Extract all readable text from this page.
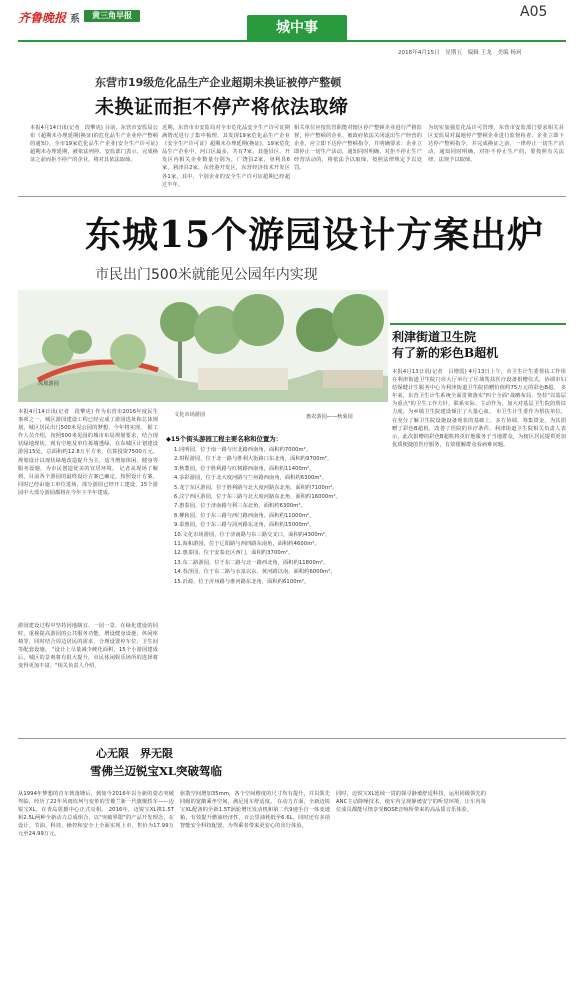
齐鲁晚报 系	黄三角早报
城中事
A05
2016年4月15日　星期五　编辑 王龙　美编 杨珂
东营市19级危化品生产企业超期未换证被停产整顿
未换证而拒不停产将依法取缔
本报4月14日讯(记者　段擎虎) 目前，东营市安监局公布《超期未办理延期(换证)的危化品生产企业停产整顿的通知》，全市19家危化品生产企业(安全生产许可证)超期未办理延期，被依法列停。安监部门表示，完成换证之前而拒不停产的企业，将对其依法取缔。
近期，东营市市安监局对全市危化品安全生产许可证期满情况进行了集中梳理，其发现19家危化品生产企业《安全生产许可证》超期未办理延期(换证)，19家危化品生产企业中，河口区最多，共有7家，其他县区、开发区内相关企业数量分别为，广饶县2家，垦利县6家，利津县2家，东营港开发区，东营经济技术开发区各1家，其中，个别企业的安全生产许可证超期已经超过半年。
相关单位应按监管职能对辖区停产整顿企业进行严格监督，停产整顿的企业、被政府依法关闭退出生产经营的企业，应立即下达停产整顿指令，并明确要求：企业立即停止一切生产活动，通知同时明确，对拒不停止生产经营活动的，将依法予以取缔，按照法律规定予以处罚。
为切实加强危化品许可管理，东营市安监部门要求相关县区安监局对属地停产整顿企业进行监督检查，企业立即下达停产整顿指令，并完成换证之前，一律停止一切生产活动，通知同时明确，对拒不停止生产的，要按照有关法律、法规予以取缔。
东城15个游园设计方案出炉
市民出门500米就能见公园年内实现
凤凰游园
文化市场游园	惠农游园——秋菊园
本报4月14日讯(记者　段擎虎) 作为东营市2016年度民生事项之一，城区游园建设工程已经完成了游园选址和总体规划，城区居民出门500米见公园的梦想，今年将实现。 据工作人员介绍，按照500米见园的城市布局规划要求，结合现状绿地现状，现有空地及单位拆墙透绿，在东城区计划建设游园15处，总面积约12.8万平方米，估算投资7500万元，规划设计以现状绿地改造提升为主，适当增加休闲、健身等服务设施，为市民创造优美的宜居环境。 记者从现场了解到，目前各个游园的最终设计方案已确定，按照设计方案，同时已经由施工单位进场，部分游园已经开工建设，15个游园中大部分游园都将在今年下半年建成。
游园建设过程中坚持因地制宜、一园一景，在绿化建设的同时，重视提高游园的公共服务功能，增设健身设施、休闲座椅等，同时结合周边居民的需求，合理设置停车位、卫生间等配套设施。 "设计上尽量减少硬化面积，15个小游园建成后，城区的景观将有很大提升，市民休闲娱乐场所的选择将变得更加丰富。"相关负责人介绍。
◆15个街头游园工程主要名称和位置为：
1.同明园，位于南一路与庆北路西南角，面积约7000m²。
2.琪程游园，位于北一路与胜利大街路口东北角，面积约9700m²。
3.秋董园，位于胜利路与红树路西南角，面积约11400m²。
4.多彩游园，位于北大度河路与兰州路西南角，面积约6300m²。
5.龙宁东区游园，位于胜利路与北大度河路东北角，面积约7100m²。
6.汶宁西区游园，位于东三路与北大度河路东北角，面积约16000m²。
7.惠泰园，位于济南路与利三东北角，面积约6300m²。
8.柳和园，位于东三路与西门路西南角，面积约11000m²。
9.泰惠园，位于东三路与菏河路东北角，面积约15000m²。
10.文化市场游园，位于济南路与东三路交叉口，面积约4300m²。
11.海和游园，位于辽阳路与西四路东南角，面积约4600m²。
12.惠泰园，位于安泰北区西门，面积约3700m²。
13.东二路游园，位于东二路与北一路西北角，面积约11800m²。
14.春泽园，位于东二路与水泉以东、黄河路以南，面积约6000m²。
15.沂源，位于沂州路与淮河路东北角，面积约6100m²。
利津街道卫生院
有了新的彩色B超机
本报4月13日讯(记者　吕增霞) 4月13日上午，市卫生计生委帮扶工作组在利津街道卫生院门诊大厅举行了区域帮扶医疗设备捐赠仪式，协调市妇幼保健计生服务中心为利津街道卫生院捐赠价值约75万元的彩色B超。 多年来，东营卫生计生系统全面贯彻落实"四个全面"战略布局，坚持"以基层为重点"的卫生工作方针，联系实际、主动作为，加大对基层卫生院的帮扶力度，为乡镇卫生院建设倾注了大量心血。 市卫生计生委作为帮扶单位，在充分了解卫生院设施设备现状的基础上，多方协调，筹集资金，为其捐赠了彩色B超机，改善了医院的诊疗条件。利津街道卫生院相关负责人表示，此次捐赠的彩色B超机将更好地服务于当地群众，为辖区居民提供更加优质便捷的医疗服务，有效缓解群众看病难问题。
心无限　界无限
雪佛兰迈锐宝XL突破驾临
从1994年梦想的首车到落锤后，到如今2016年以全新的姿态突破驾临，经历了22年风雨坎坷与变革的雪佛兰新一代旗舰轿车——迈锐宝XL，在青岛震撼中心正式亮相。 2016年，迈锐宝XL携1.5T和2.5L两种全新动力总成组合，以"突破界限"的产品开发理念，在设计、节油、科技、操控和安全上全面实现上市，售价为17.99万元至24.99万元。
驱散空间增加35mm，各个空间维度的尺寸均有提升，并以领先同级的宽敞乘坐空间，满足用车舒适度。 在动力方面，全新迈锐宝XL配备的全新1.5T涡轮增压发动机和第二代9速手自一体变速箱，有效提升燃油经济性，百公里油耗低至6.6L，同时还有多项智能安全科技配置，为驾乘者带来更安心的出行体验。
同时，迈锐宝XL延续一贯的探寻静谧舒适科技，运用同级领先的ANC主动降噪技术，使车内呈现静谧安宁的听觉环境，让车内每位成员都能尽情享受BOSE音响所带来的高品质音乐体验。
